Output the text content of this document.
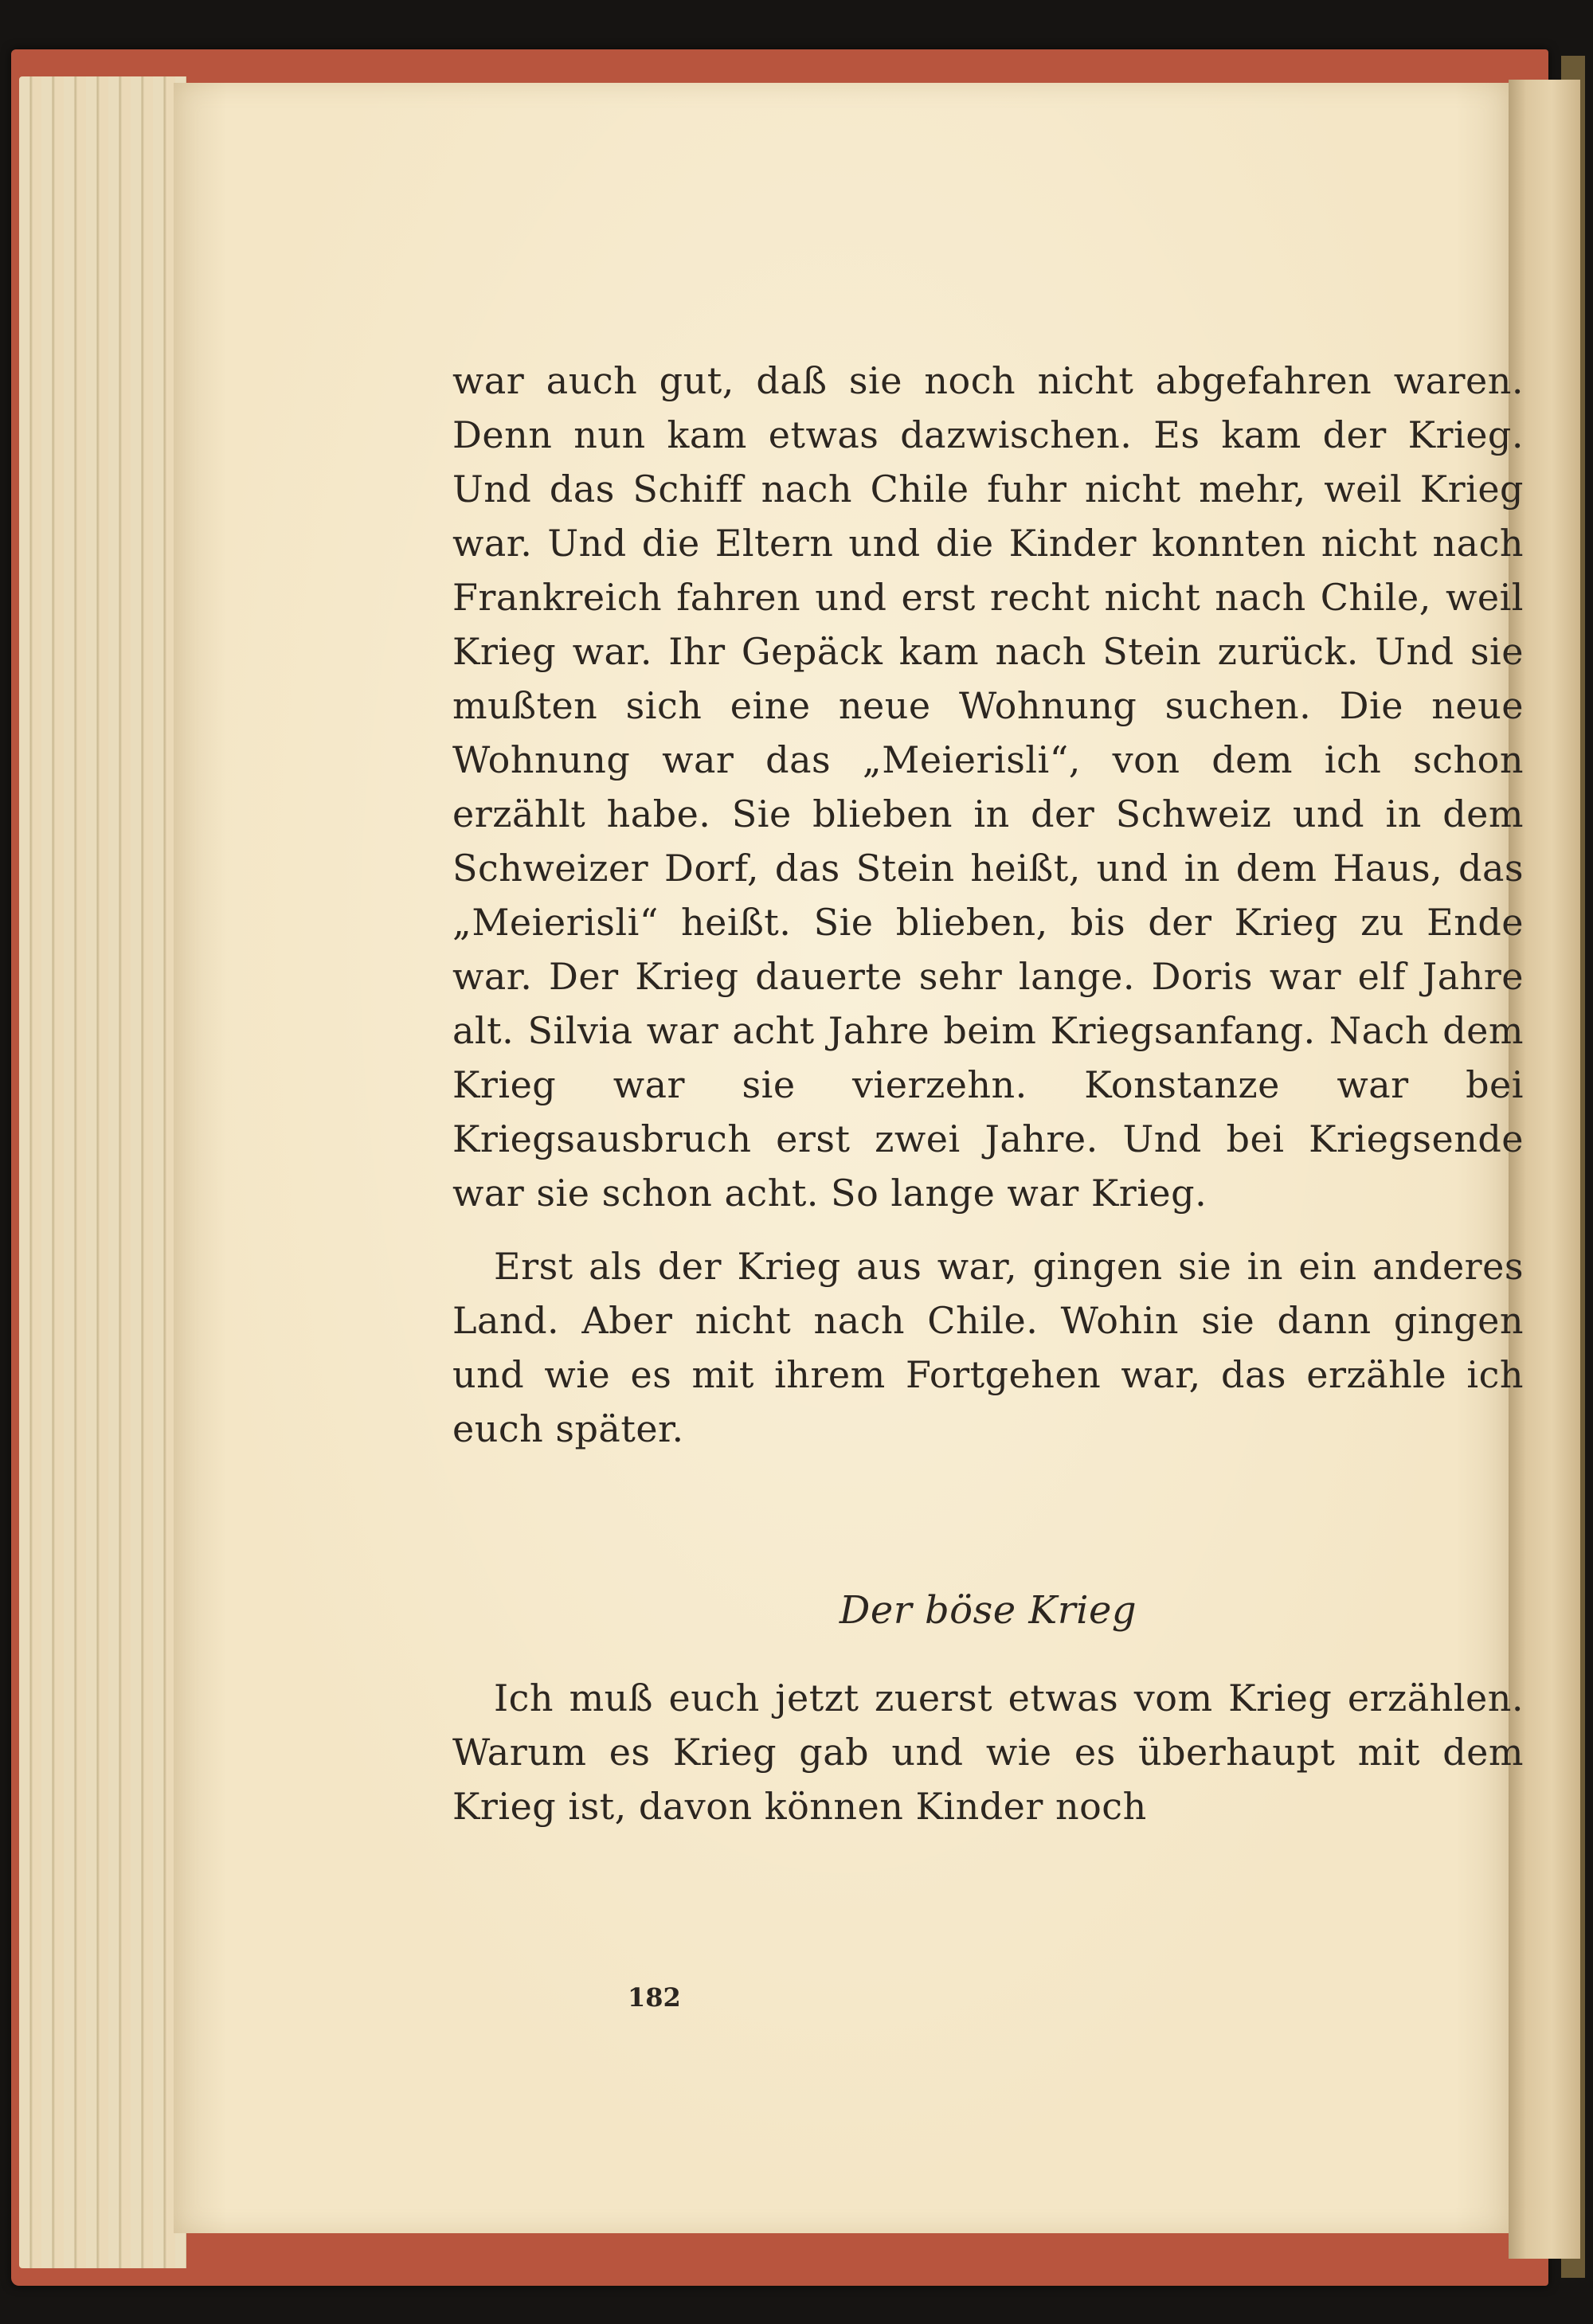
war auch gut, daß sie noch nicht abgefahren waren. Denn nun kam etwas dazwischen. Es kam der Krieg. Und das Schiff nach Chile fuhr nicht mehr, weil Krieg war. Und die Eltern und die Kinder konnten nicht nach Frankreich fahren und erst recht nicht nach Chile, weil Krieg war. Ihr Gepäck kam nach Stein zurück. Und sie mußten sich eine neue Wohnung suchen. Die neue Wohnung war das „Meierisli“, von dem ich schon erzählt habe. Sie blieben in der Schweiz und in dem Schweizer Dorf, das Stein heißt, und in dem Haus, das „Meierisli“ heißt. Sie blieben, bis der Krieg zu Ende war. Der Krieg dauerte sehr lange. Doris war elf Jahre alt. Silvia war acht Jahre beim Kriegsanfang. Nach dem Krieg war sie vierzehn. Konstanze war bei Kriegsausbruch erst zwei Jahre. Und bei Kriegsende war sie schon acht. So lange war Krieg.

Erst als der Krieg aus war, gingen sie in ein anderes Land. Aber nicht nach Chile. Wohin sie dann gingen und wie es mit ihrem Fortgehen war, das erzähle ich euch später.

Der böse Krieg

Ich muß euch jetzt zuerst etwas vom Krieg erzählen. Warum es Krieg gab und wie es überhaupt mit dem Krieg ist, davon können Kinder noch

182
